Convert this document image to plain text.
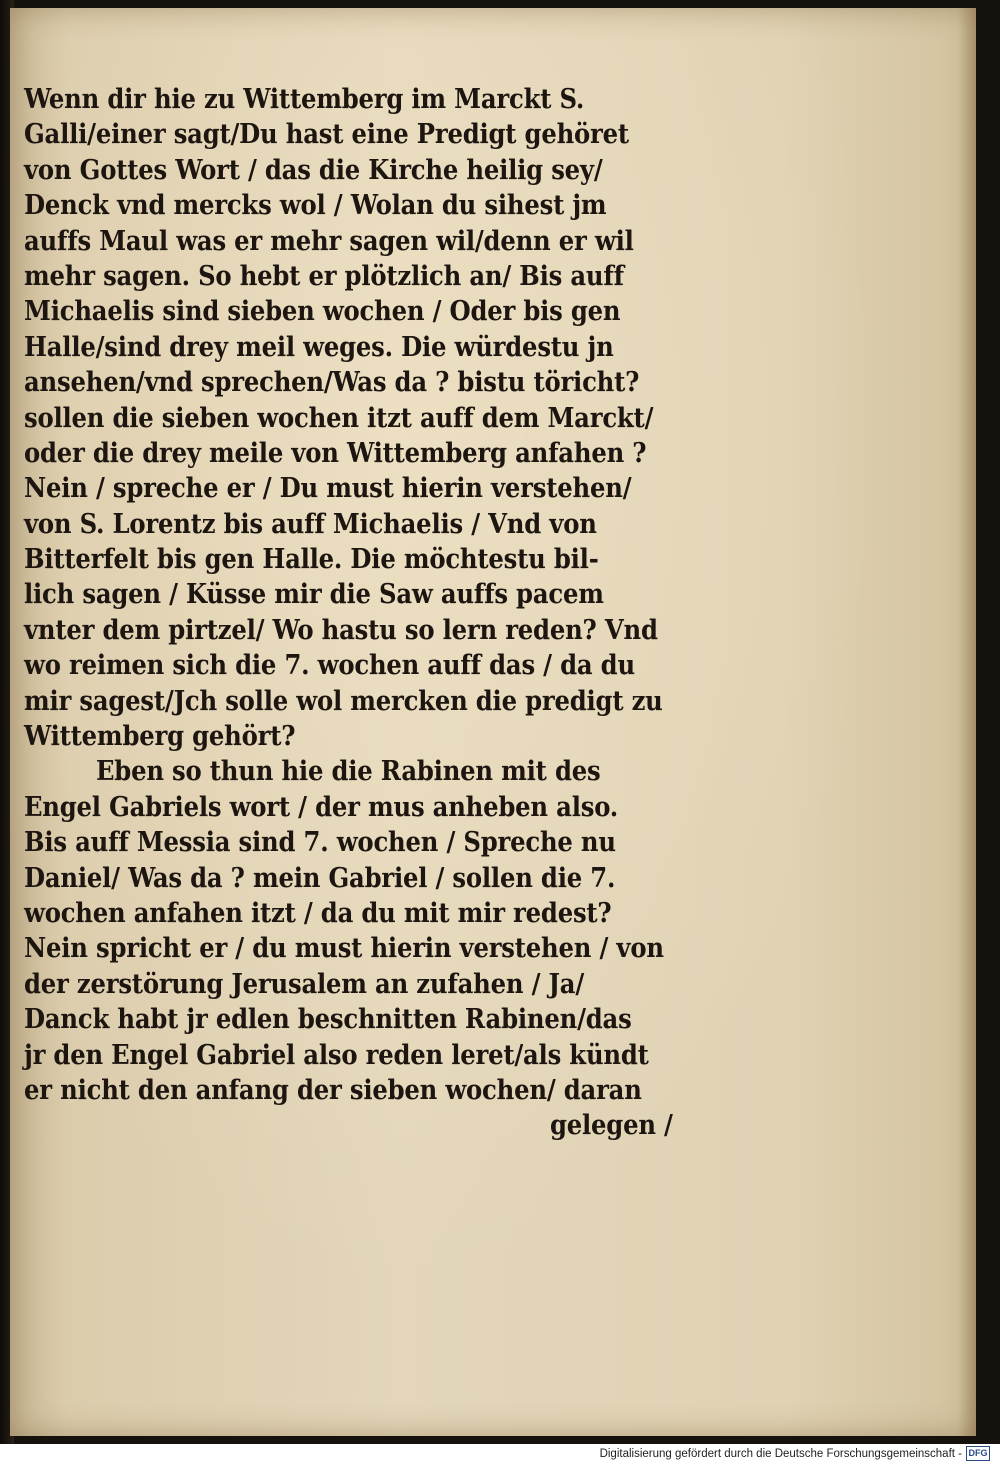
Wenn dir hie zu Wittemberg im Marckt S.
Galli/einer sagt/Du hast eine Predigt gehöret
von Gottes Wort / das die Kirche heilig sey/
Denck vnd mercks wol / Wolan du sihest jm
auffs Maul was er mehr sagen wil/denn er wil
mehr sagen. So hebt er plötzlich an/ Bis auff
Michaelis sind sieben wochen / Oder bis gen
Halle/sind drey meil weges. Die würdestu jn
ansehen/vnd sprechen/Was da ? bistu töricht?
sollen die sieben wochen itzt auff dem Marckt/
oder die drey meile von Wittemberg anfahen ?
Nein / spreche er / Du must hierin verstehen/
von S. Lorentz bis auff Michaelis / Vnd von
Bitterfelt bis gen Halle. Die möchtestu bil-
lich sagen / Küsse mir die Saw auffs pacem
vnter dem pirtzel/ Wo hastu so lern reden? Vnd
wo reimen sich die 7. wochen auff das / da du
mir sagest/Jch solle wol mercken die predigt zu
Wittemberg gehört?
Eben so thun hie die Rabinen mit des
Engel Gabriels wort / der mus anheben also.
Bis auff Messia sind 7. wochen / Spreche nu
Daniel/ Was da ? mein Gabriel / sollen die 7.
wochen anfahen itzt / da du mit mir redest?
Nein spricht er / du must hierin verstehen / von
der zerstörung Jerusalem an zufahen / Ja/
Danck habt jr edlen beschnitten Rabinen/das
jr den Engel Gabriel also reden leret/als kündt
er nicht den anfang der sieben wochen/ daran
gelegen /
Digitalisierung gefördert durch die Deutsche Forschungsgemeinschaft - DFG
